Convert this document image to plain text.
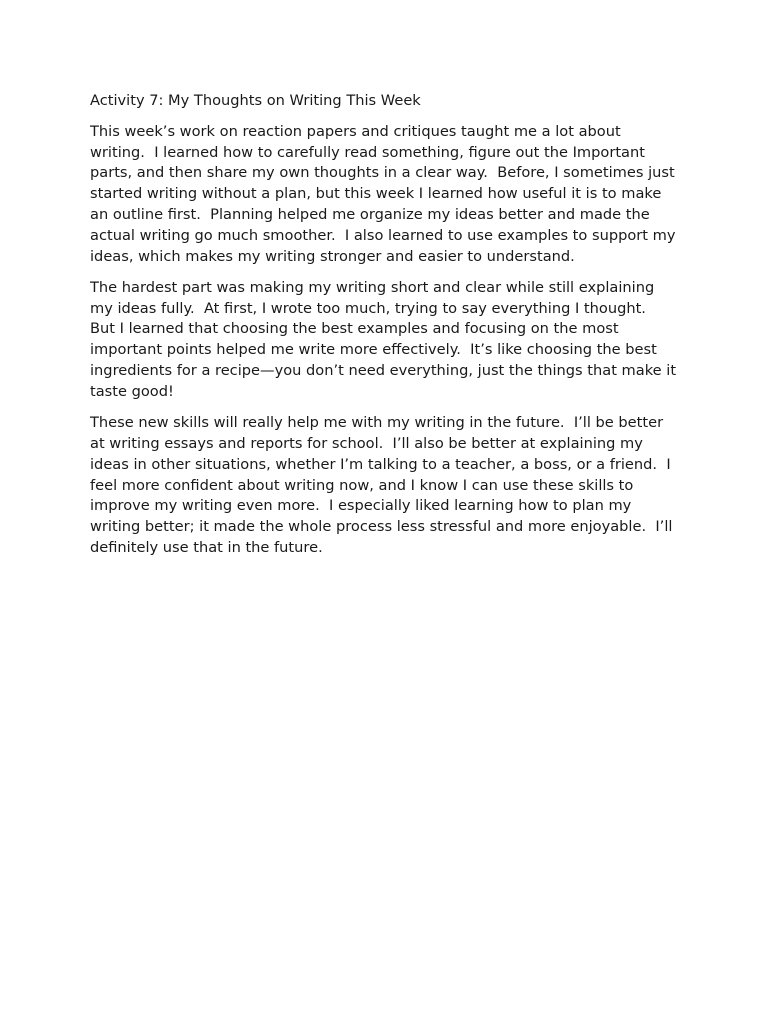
Activity 7: My Thoughts on Writing This Week

This week’s work on reaction papers and critiques taught me a lot about writing.  I learned how to carefully read something, figure out the Important parts, and then share my own thoughts in a clear way.  Before, I sometimes just started writing without a plan, but this week I learned how useful it is to make an outline first.  Planning helped me organize my ideas better and made the actual writing go much smoother.  I also learned to use examples to support my ideas, which makes my writing stronger and easier to understand.

The hardest part was making my writing short and clear while still explaining my ideas fully.  At first, I wrote too much, trying to say everything I thought.  But I learned that choosing the best examples and focusing on the most important points helped me write more effectively.  It’s like choosing the best ingredients for a recipe—you don’t need everything, just the things that make it taste good!

These new skills will really help me with my writing in the future.  I’ll be better at writing essays and reports for school.  I’ll also be better at explaining my ideas in other situations, whether I’m talking to a teacher, a boss, or a friend.  I feel more confident about writing now, and I know I can use these skills to improve my writing even more.  I especially liked learning how to plan my writing better; it made the whole process less stressful and more enjoyable.  I’ll definitely use that in the future.
